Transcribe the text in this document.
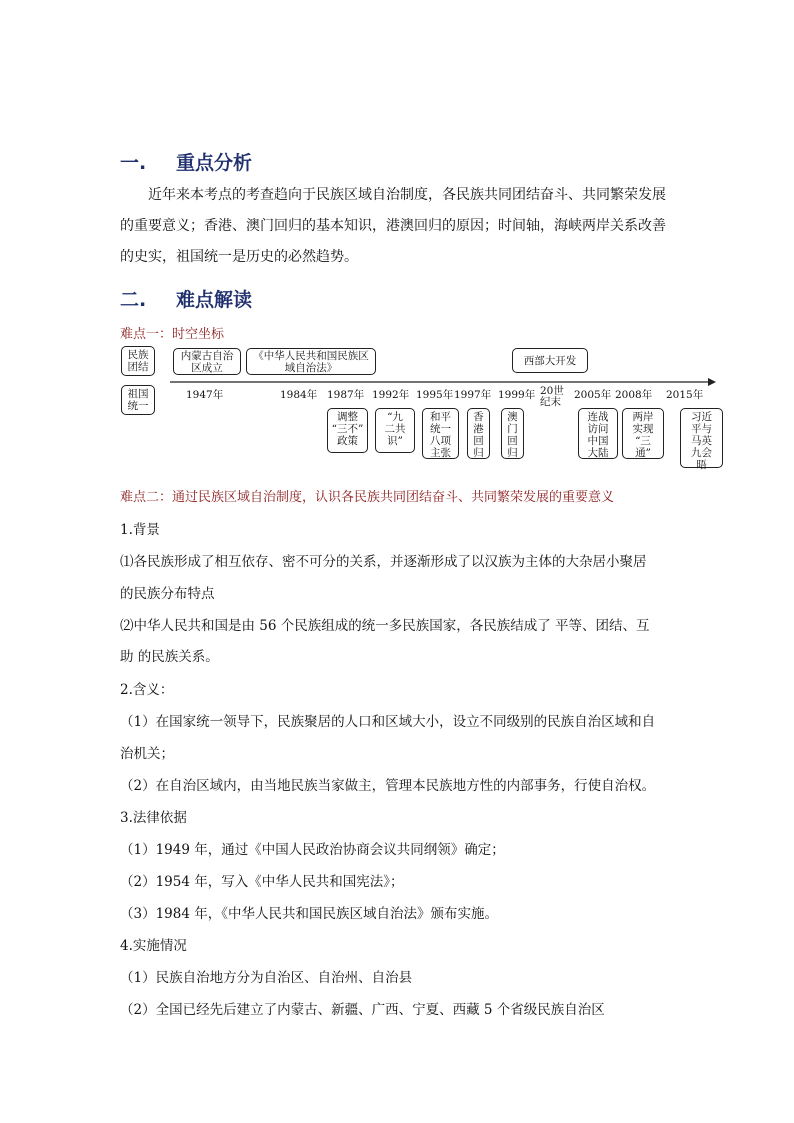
一. 重点分析
近年来本考点的考查趋向于民族区域自治制度，各民族共同团结奋斗、共同繁荣发展
的重要意义；香港、澳门回归的基本知识，港澳回归的原因；时间轴，海峡两岸关系改善
的史实，祖国统一是历史的必然趋势。
二. 难点解读
难点一：时空坐标
民族团结
祖国统一
内蒙古自治区成立
《中华人民共和国民族区域自治法》
西部大开发
1947年	1984年 1987年 1992年 1995年 1997年 1999年 20世纪末
2005年 2008年 2015年
调整
“三不”
政策
“九
二共
识”
和平
统一
八项
主张
香
港
回
归
澳
门
回
归
连战
访问
中国
大陆
两岸
实现
“三
通”
习近
平与
马英
九会
晤
难点二：通过民族区域自治制度，认识各民族共同团结奋斗、共同繁荣发展的重要意义
1.背景
⑴各民族形成了相互依存、密不可分的关系，并逐渐形成了以汉族为主体的大杂居小聚居
的民族分布特点
⑵中华人民共和国是由 56 个民族组成的统一多民族国家，各民族结成了 平等、团结、互
助 的民族关系。
2.含义：
（1）在国家统一领导下，民族聚居的人口和区域大小，设立不同级别的民族自治区域和自
治机关；
（2）在自治区域内，由当地民族当家做主，管理本民族地方性的内部事务，行使自治权。
3.法律依据
（1）1949 年，通过《中国人民政治协商会议共同纲领》确定；
（2）1954 年，写入《中华人民共和国宪法》；
（3）1984 年，《中华人民共和国民族区域自治法》颁布实施。
4.实施情况
（1）民族自治地方分为自治区、自治州、自治县
（2）全国已经先后建立了内蒙古、新疆、广西、宁夏、西藏 5 个省级民族自治区
